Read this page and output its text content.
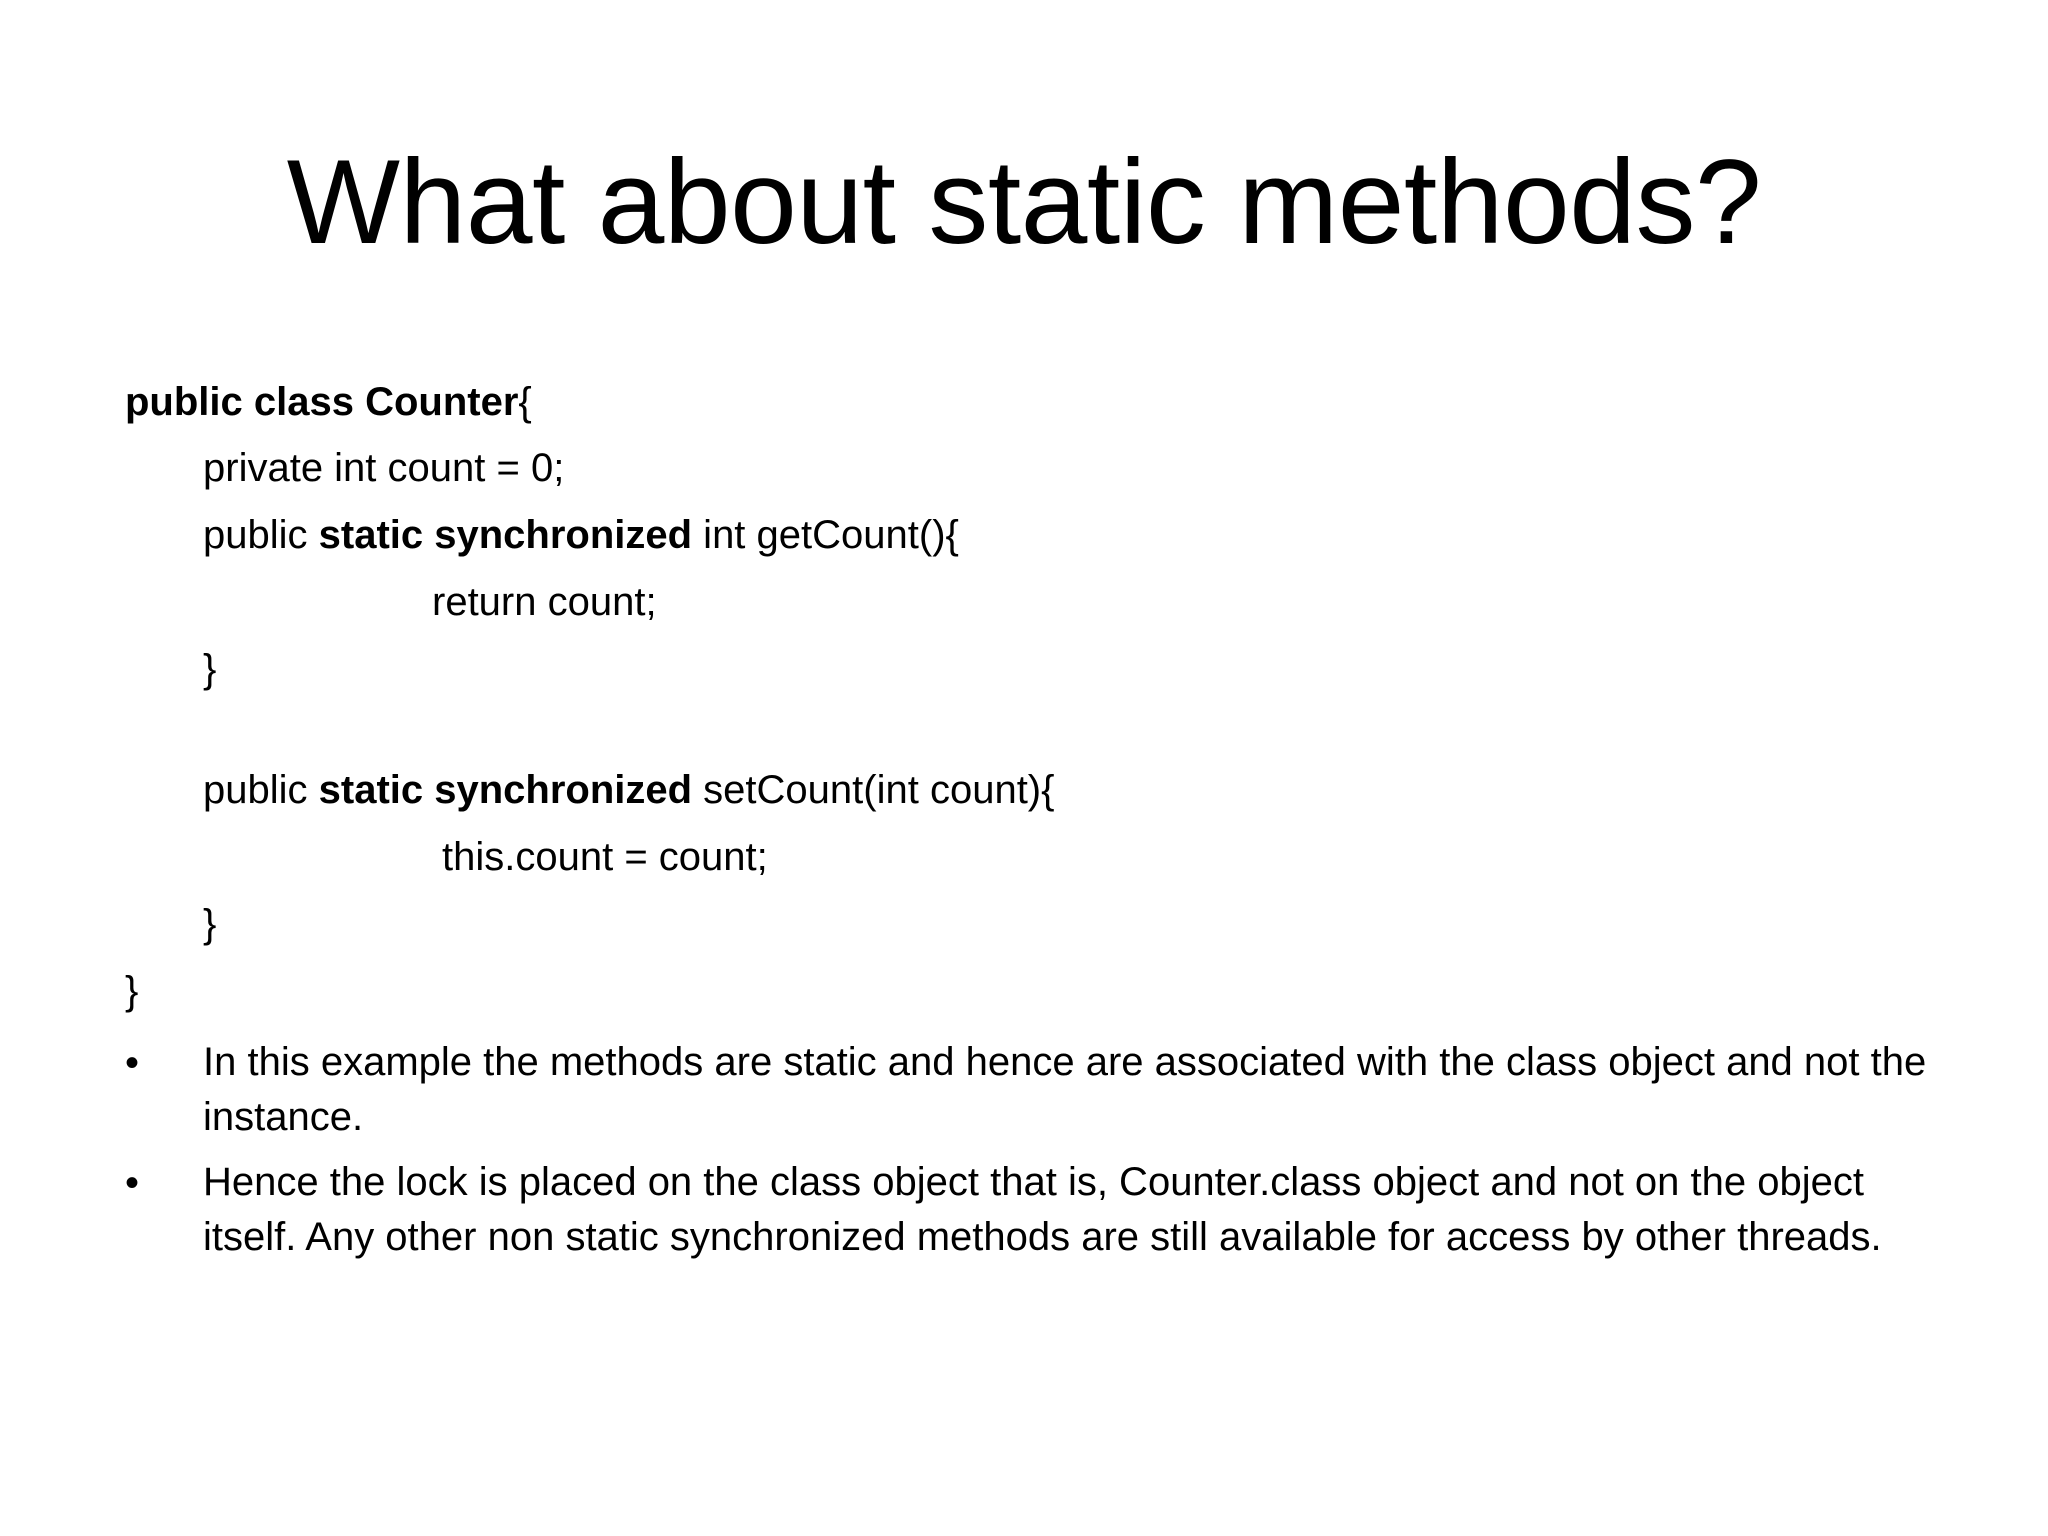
What about static methods?
public class Counter{
private int count = 0;
public static synchronized int getCount(){
return count;
}
public static synchronized setCount(int count){
this.count = count;
}
}
• In this example the methods are static and hence are associated with the class object and not the instance.
• Hence the lock is placed on the class object that is, Counter.class object and not on the object itself. Any other non static synchronized methods are still available for access by other threads.
